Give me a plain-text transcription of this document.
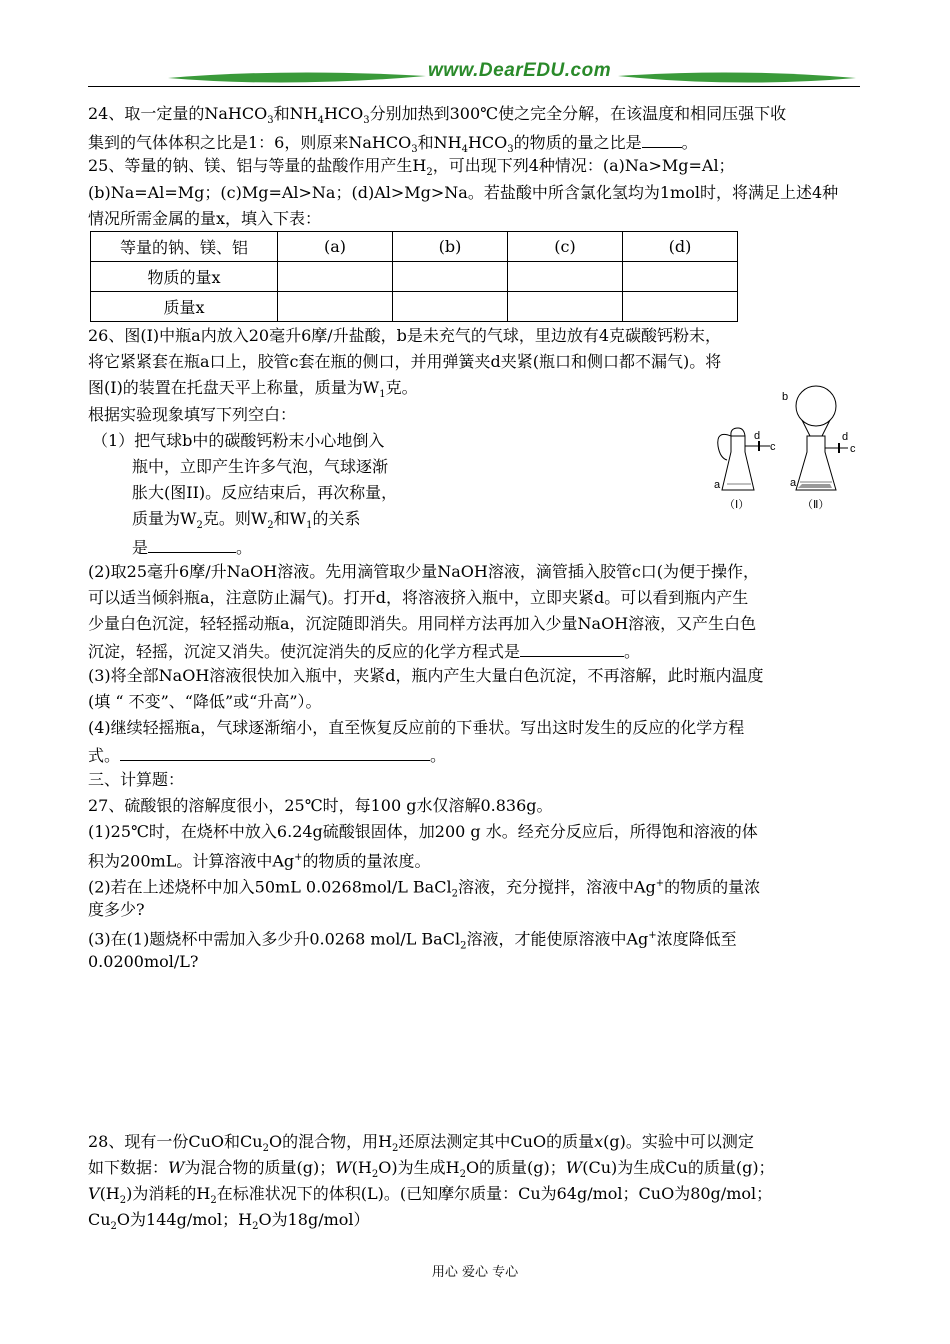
www.DearEDU.com
24、取一定量的NaHCO$_3$和$NH_4HCO_3$分别加热到300℃使之完全分解，在该温度和相同压强下收
集到的气体体积之比是1：6，则原来NaHCO$_3$和$NH_4HCO_3$的物质的量之比是	。
25、等量的钠、镁、铝与等量的盐酸作用产生$H_2$，可出现下列4种情况：(a)Na>Mg=Al；
(b)Na=Al=Mg；(c)Mg=Al>Na；(d)Al>Mg>Na。若盐酸中所含氯化氢均为1mol时，将满足上述4种
情况所需金属的量x，填入下表：
等量的钠、镁、铝	(a)	(b)	(c)	(d)
物质的量x				
质量x				
26、图(I)中瓶a内放入20毫升6摩/升盐酸，b是未充气的气球，里边放有4克碳酸钙粉末，
将它紧紧套在瓶a口上，胶管c套在瓶的侧口，并用弹簧夹d夹紧(瓶口和侧口都不漏气)。将
图(I)的装置在托盘天平上称量，质量为$W_1$克。
根据实验现象填写下列空白：
（1）把气球b中的碳酸钙粉末小心地倒入
瓶中，立即产生许多气泡，气球逐渐
胀大(图II)。反应结束后，再次称量，
质量为$W_2$克。则$W_2$和$W_1$的关系
是	。
d
c
a
（Ⅰ）
b
d
c
a
（Ⅱ）
(2)取25毫升6摩/升NaOH溶液。先用滴管取少量NaOH溶液，滴管插入胶管c口(为便于操作，
可以适当倾斜瓶a，注意防止漏气)。打开d，将溶液挤入瓶中，立即夹紧d。可以看到瓶内产生
少量白色沉淀，轻轻摇动瓶a，沉淀随即消失。用同样方法再加入少量NaOH溶液，又产生白色
沉淀，轻摇，沉淀又消失。使沉淀消失的反应的化学方程式是	。
(3)将全部NaOH溶液很快加入瓶中，夹紧d，瓶内产生大量白色沉淀，不再溶解，此时瓶内温度
(填 “ 不变”、“降低”或“升高”）。
(4)继续轻摇瓶a，气球逐渐缩小，直至恢复反应前的下垂状。写出这时发生的反应的化学方程
式。	。
三、计算题：
27、硫酸银的溶解度很小，25℃时，每100 g水仅溶解0.836g。
(1)25℃时，在烧杯中放入6.24g硫酸银固体，加200 g 水。经充分反应后，所得饱和溶液的体
积为200mL。计算溶液中Ag+的物质的量浓度。
(2)若在上述烧杯中加入50mL 0.0268mol/L BaCl$_2$溶液，充分搅拌，溶液中Ag+的物质的量浓
度多少?
(3)在(1)题烧杯中需加入多少升0.0268 mol/L BaCl$_2$溶液，才能使原溶液中Ag+浓度降低至
0.0200mol/L?
28、现有一份CuO和$Cu_2O$的混合物，用$H_2$还原法测定其中CuO的质量x(g)。实验中可以测定
如下数据：W为混合物的质量(g)；$W(H_2O)$为生成$H_2O$的质量(g)；W(Cu)为生成Cu的质量(g)；
$V(H_2)$为消耗的$H_2$在标准状况下的体积(L)。(已知摩尔质量：Cu为64g/mol；CuO为80g/mol；
$Cu_2O$为144g/mol；$H_2O$为18g/mol）
用心 爱心 专心
